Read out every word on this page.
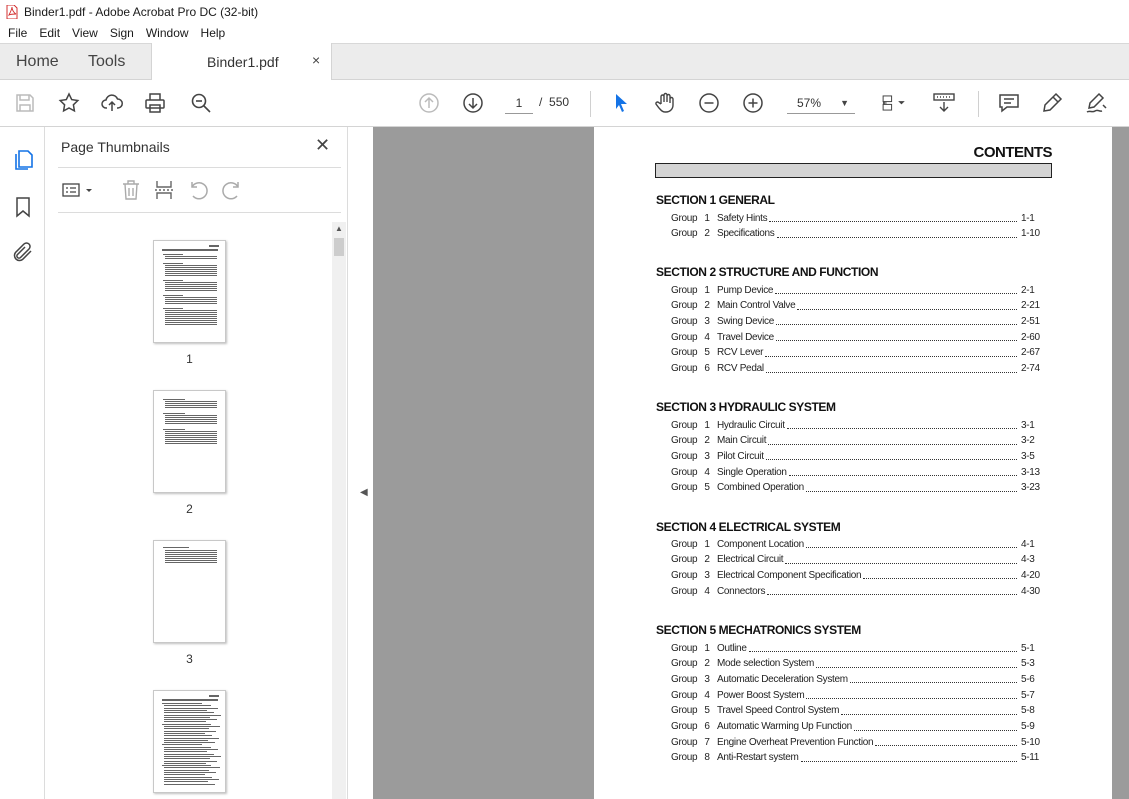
Binder1.pdf - Adobe Acrobat Pro DC (32-bit)
File	Edit	View	Sign	Window	Help
Home Tools	Binder1.pdf ×
1	/ 550	57% ▼
Page Thumbnails	✕
1
2
3
▲
◀
CONTENTS
SECTION 1 GENERAL
Group 1 Safety Hints	1-1
Group 2 Specifications	1-10
SECTION 2 STRUCTURE AND FUNCTION
Group 1 Pump Device	2-1
Group 2 Main Control Valve	2-21
Group 3 Swing Device	2-51
Group 4 Travel Device	2-60
Group 5 RCV Lever	2-67
Group 6 RCV Pedal	2-74
SECTION 3 HYDRAULIC SYSTEM
Group 1 Hydraulic Circuit	3-1
Group 2 Main Circuit	3-2
Group 3 Pilot Circuit	3-5
Group 4 Single Operation	3-13
Group 5 Combined Operation	3-23
SECTION 4 ELECTRICAL SYSTEM
Group 1 Component Location	4-1
Group 2 Electrical Circuit	4-3
Group 3 Electrical Component Specification	4-20
Group 4 Connectors	4-30
SECTION 5 MECHATRONICS SYSTEM
Group 1 Outline	5-1
Group 2 Mode selection System	5-3
Group 3 Automatic Deceleration System	5-6
Group 4 Power Boost System	5-7
Group 5 Travel Speed Control System	5-8
Group 6 Automatic Warming Up Function	5-9
Group 7 Engine Overheat Prevention Function	5-10
Group 8 Anti-Restart system	5-11
